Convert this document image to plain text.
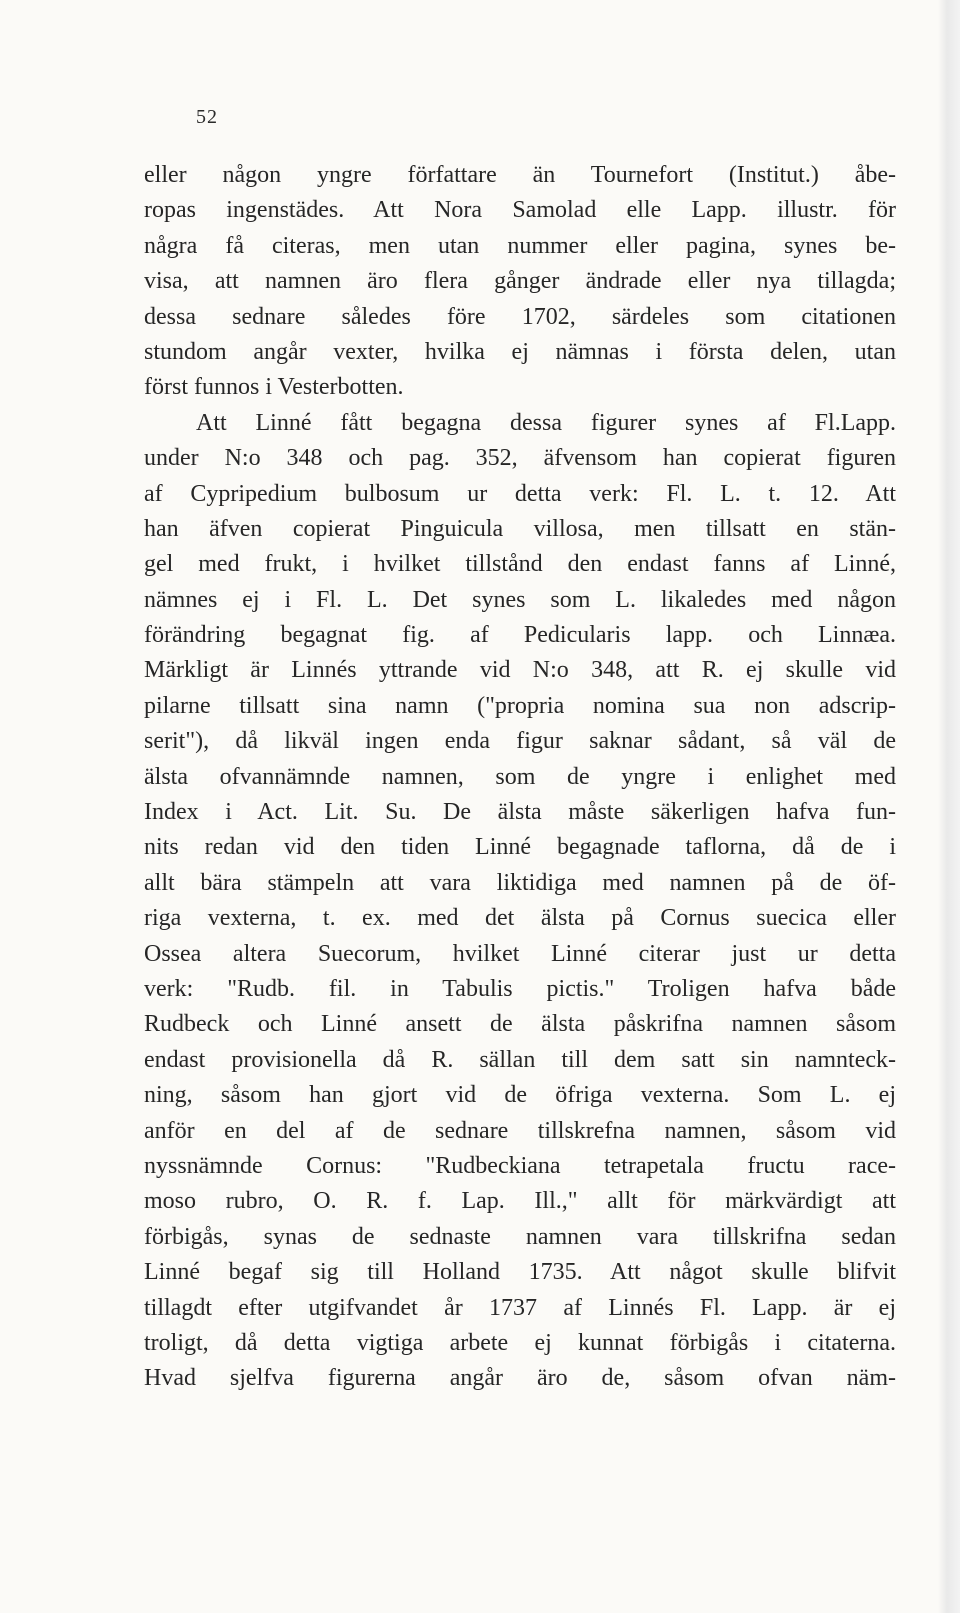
52
eller någon yngre författare än Tournefort (Institut.) åbe-
ropas ingenstädes. Att Nora Samolad elle Lapp. illustr. för
några få citeras, men utan nummer eller pagina, synes be-
visa, att namnen äro flera gånger ändrade eller nya tillagda;
dessa sednare således före 1702, särdeles som citationen
stundom angår vexter, hvilka ej nämnas i första delen, utan
först funnos i Vesterbotten.
Att Linné fått begagna dessa figurer synes af Fl.Lapp.
under N:o 348 och pag. 352, äfvensom han copierat figuren
af Cypripedium bulbosum ur detta verk: Fl. L. t. 12. Att
han äfven copierat Pinguicula villosa, men tillsatt en stän-
gel med frukt, i hvilket tillstånd den endast fanns af Linné,
nämnes ej i Fl. L. Det synes som L. likaledes med någon
förändring begagnat fig. af Pedicularis lapp. och Linnæa.
Märkligt är Linnés yttrande vid N:o 348, att R. ej skulle vid
pilarne tillsatt sina namn ("propria nomina sua non adscrip-
serit"), då likväl ingen enda figur saknar sådant, så väl de
älsta ofvannämnde namnen, som de yngre i enlighet med
Index i Act. Lit. Su. De älsta måste säkerligen hafva fun-
nits redan vid den tiden Linné begagnade taflorna, då de i
allt bära stämpeln att vara liktidiga med namnen på de öf-
riga vexterna, t. ex. med det älsta på Cornus suecica eller
Ossea altera Suecorum, hvilket Linné citerar just ur detta
verk: "Rudb. fil. in Tabulis pictis." Troligen hafva både
Rudbeck och Linné ansett de älsta påskrifna namnen såsom
endast provisionella då R. sällan till dem satt sin namnteck-
ning, såsom han gjort vid de öfriga vexterna. Som L. ej
anför en del af de sednare tillskrefna namnen, såsom vid
nyssnämnde Cornus: "Rudbeckiana tetrapetala fructu race-
moso rubro, O. R. f. Lap. Ill.," allt för märkvärdigt att
förbigås, synas de sednaste namnen vara tillskrifna sedan
Linné begaf sig till Holland 1735. Att något skulle blifvit
tillagdt efter utgifvandet år 1737 af Linnés Fl. Lapp. är ej
troligt, då detta vigtiga arbete ej kunnat förbigås i citaterna.
Hvad sjelfva figurerna angår äro de, såsom ofvan näm-
